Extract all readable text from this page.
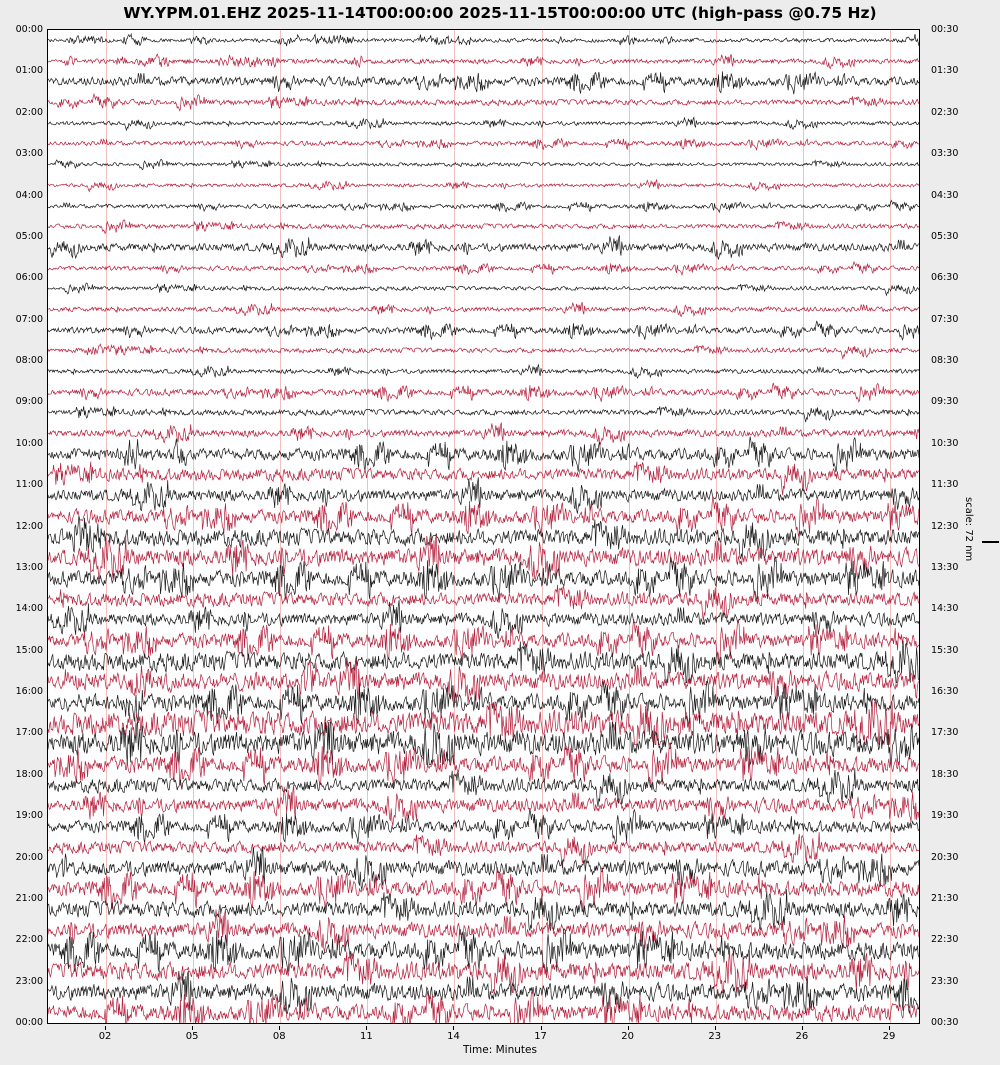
WY.YPM.01.EHZ 2025-11-14T00:00:00 2025-11-15T00:00:00 UTC (high-pass @0.75 Hz)
00:00
01:00
02:00
03:00
04:00
05:00
06:00
07:00
08:00
09:00
10:00
11:00
12:00
13:00
14:00
15:00
16:00
17:00
18:00
19:00
20:00
21:00
22:00
23:00
00:00
00:30
01:30
02:30
03:30
04:30
05:30
06:30
07:30
08:30
09:30
10:30
11:30
12:30
13:30
14:30
15:30
16:30
17:30
18:30
19:30
20:30
21:30
22:30
23:30
00:30
02	05	08	11	14	17	20	23	26	29
Time: Minutes
scale: 72 nm
